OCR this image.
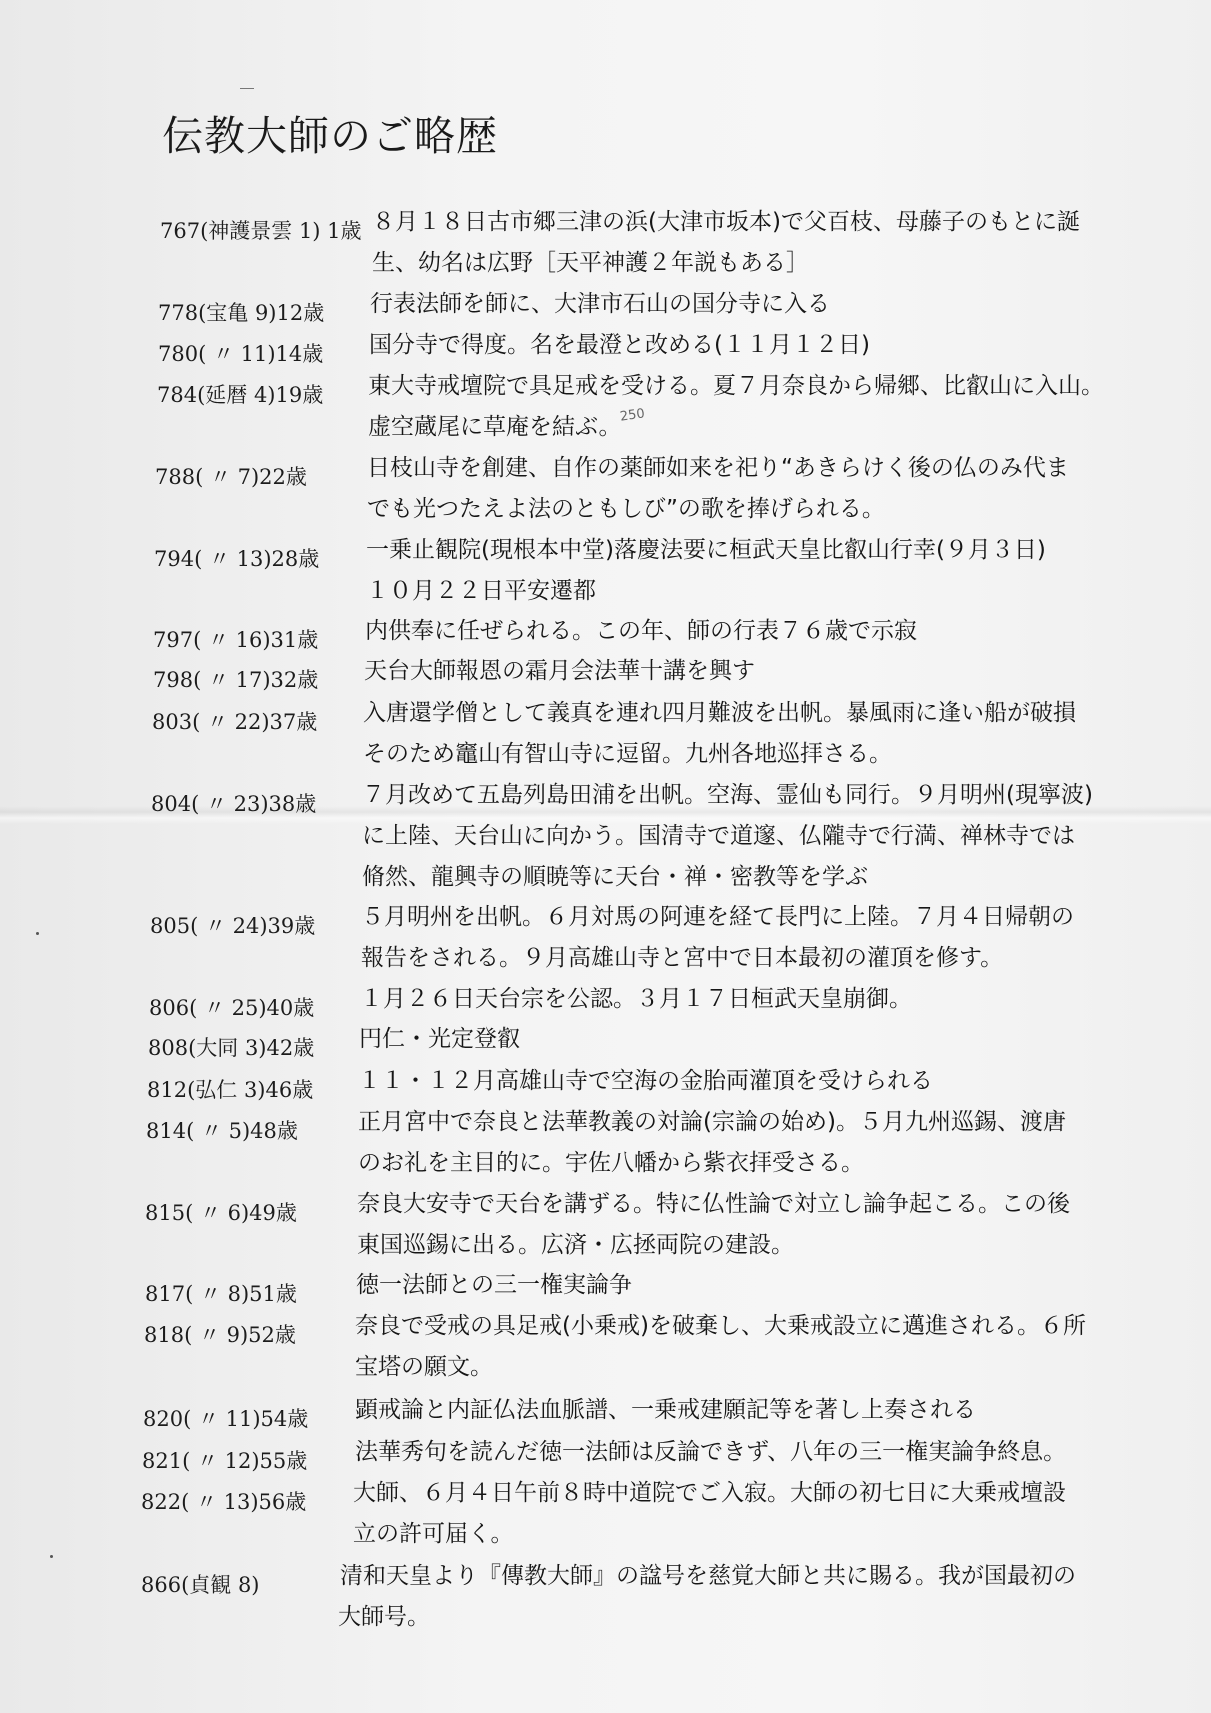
伝教大師のご略歴
250
767(神護景雲 1) 1歳 ８月１８日古市郷三津の浜(大津市坂本)で父百枝、母藤子のもとに誕
生、幼名は広野［天平神護２年説もある］
778(宝亀 9)12歳 行表法師を師に、大津市石山の国分寺に入る
780( 〃 11)14歳 国分寺で得度。名を最澄と改める(１１月１２日)
784(延暦 4)19歳 東大寺戒壇院で具足戒を受ける。夏７月奈良から帰郷、比叡山に入山。
虚空蔵尾に草庵を結ぶ。
788( 〃 7)22歳	日枝山寺を創建、自作の薬師如来を祀り“あきらけく後の仏のみ代ま
でも光つたえよ法のともしび”の歌を捧げられる。
794( 〃 13)28歳 一乗止観院(現根本中堂)落慶法要に桓武天皇比叡山行幸(９月３日)
１０月２２日平安遷都
797( 〃 16)31歳 内供奉に任ぜられる。この年、師の行表７６歳で示寂
798( 〃 17)32歳 天台大師報恩の霜月会法華十講を興す
803( 〃 22)37歳 入唐還学僧として義真を連れ四月難波を出帆。暴風雨に逢い船が破損
そのため竈山有智山寺に逗留。九州各地巡拝さる。
804( 〃 23)38歳 ７月改めて五島列島田浦を出帆。空海、霊仙も同行。９月明州(現寧波)
に上陸、天台山に向かう。国清寺で道邃、仏隴寺で行満、禅林寺では
脩然、龍興寺の順暁等に天台・禅・密教等を学ぶ
805( 〃 24)39歳 ５月明州を出帆。６月対馬の阿連を経て長門に上陸。７月４日帰朝の
報告をされる。９月高雄山寺と宮中で日本最初の灌頂を修す。
806( 〃 25)40歳 １月２６日天台宗を公認。３月１７日桓武天皇崩御。
808(大同 3)42歳 円仁・光定登叡
812(弘仁 3)46歳 １１・１２月高雄山寺で空海の金胎両灌頂を受けられる
814( 〃 5)48歳	正月宮中で奈良と法華教義の対論(宗論の始め)。５月九州巡錫、渡唐
のお礼を主目的に。宇佐八幡から紫衣拝受さる。
815( 〃 6)49歳	奈良大安寺で天台を講ずる。特に仏性論で対立し論争起こる。この後
東国巡錫に出る。広済・広拯両院の建設。
817( 〃 8)51歳	徳一法師との三一権実論争
818( 〃 9)52歳	奈良で受戒の具足戒(小乗戒)を破棄し、大乗戒設立に邁進される。６所
宝塔の願文。
820( 〃 11)54歳 顕戒論と内証仏法血脈譜、一乗戒建願記等を著し上奏される
821( 〃 12)55歳 法華秀句を読んだ徳一法師は反論できず、八年の三一権実論争終息。
822( 〃 13)56歳 大師、６月４日午前８時中道院でご入寂。大師の初七日に大乗戒壇設
立の許可届く。
866(貞観 8)	清和天皇より『傳教大師』の諡号を慈覚大師と共に賜る。我が国最初の
大師号。
